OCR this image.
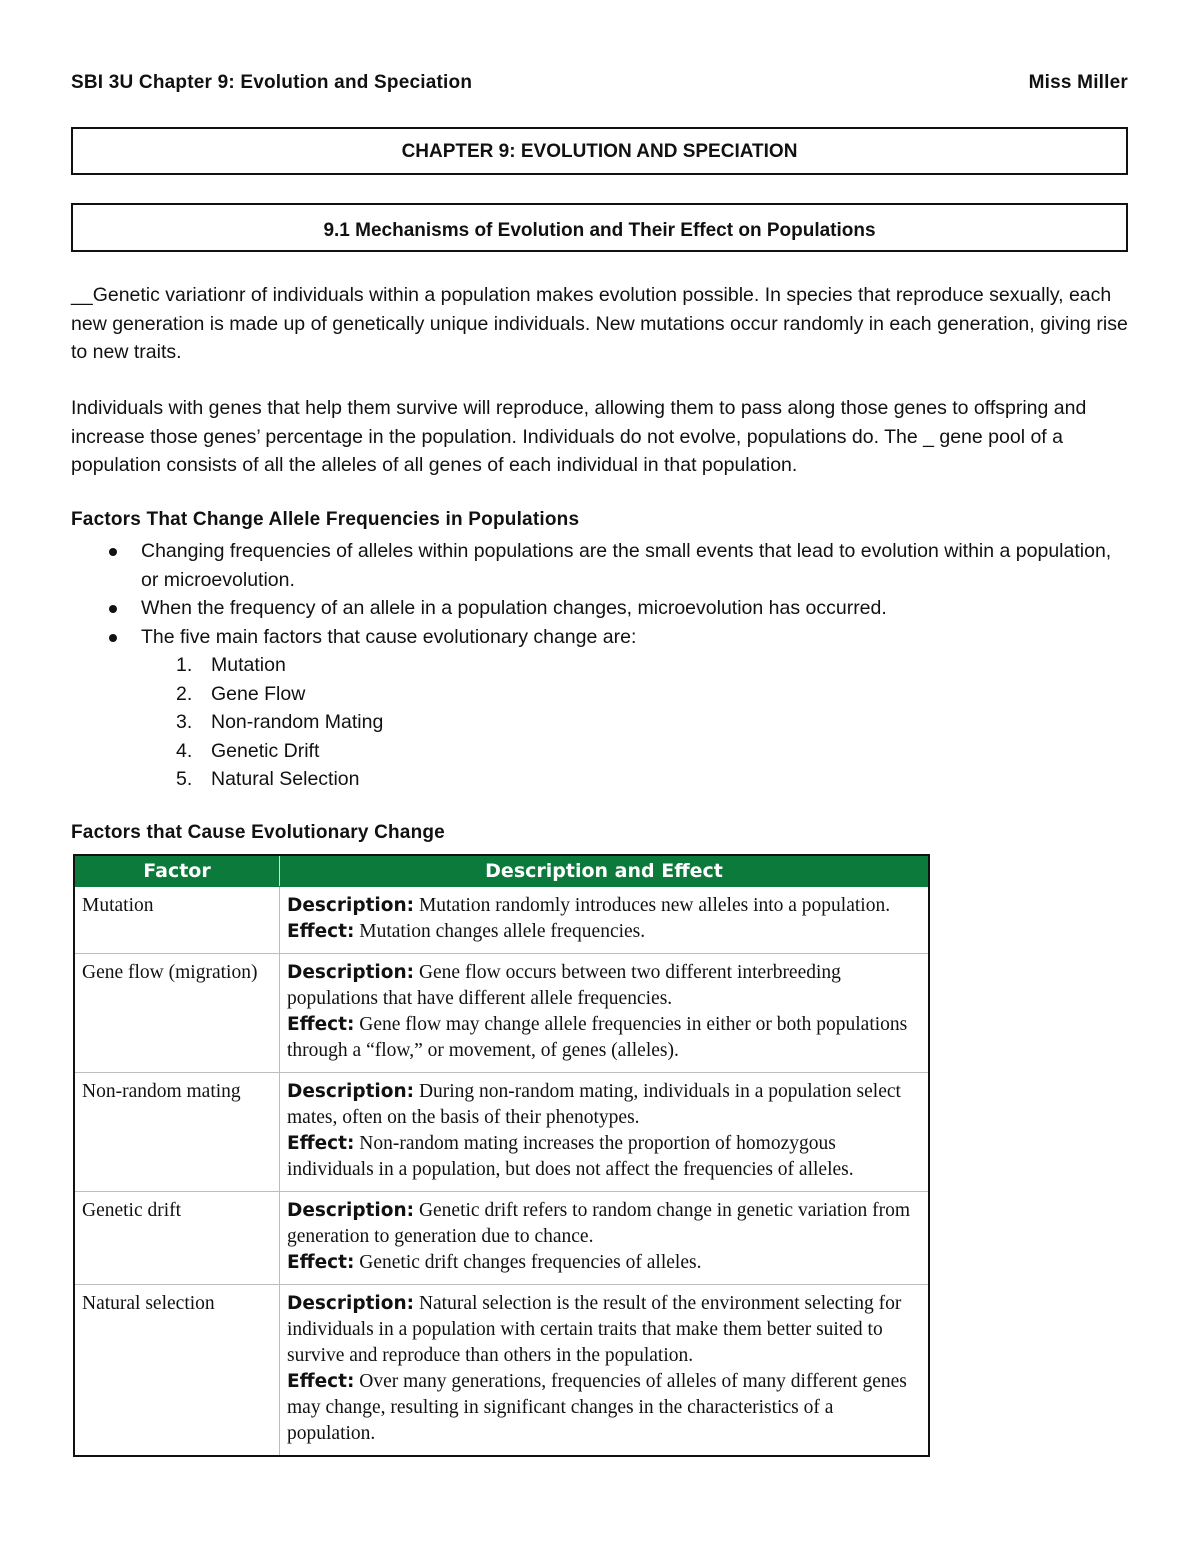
SBI 3U Chapter 9: Evolution and Speciation	Miss Miller
CHAPTER 9: EVOLUTION AND SPECIATION
9.1 Mechanisms of Evolution and Their Effect on Populations

__Genetic variationr of individuals within a population makes evolution possible. In species that reproduce sexually, each new generation is made up of genetically unique individuals. New mutations occur randomly in each generation, giving rise to new traits.

Individuals with genes that help them survive will reproduce, allowing them to pass along those genes to offspring and increase those genes’ percentage in the population. Individuals do not evolve, populations do. The _ gene pool of a population consists of all the alleles of all genes of each individual in that population.

Factors That Change Allele Frequencies in Populations
Changing frequencies of alleles within populations are the small events that lead to evolution within a population, or microevolution.
When the frequency of an allele in a population changes, microevolution has occurred.
The five main factors that cause evolutionary change are:
1. Mutation
2. Gene Flow
3. Non-random Mating
4. Genetic Drift
5. Natural Selection
Factors that Cause Evolutionary Change
Factor	Description and Effect
Mutation	Description: Mutation randomly introduces new alleles into a population.
Effect: Mutation changes allele frequencies.
Gene flow (migration)	Description: Gene flow occurs between two different interbreeding populations that have different allele frequencies.
Effect: Gene flow may change allele frequencies in either or both populations through a “flow,” or movement, of genes (alleles).
Non-random mating	Description: During non-random mating, individuals in a population select mates, often on the basis of their phenotypes.
Effect: Non-random mating increases the proportion of homozygous individuals in a population, but does not affect the frequencies of alleles.
Genetic drift	Description: Genetic drift refers to random change in genetic variation from generation to generation due to chance.
Effect: Genetic drift changes frequencies of alleles.
Natural selection	Description: Natural selection is the result of the environment selecting for individuals in a population with certain traits that make them better suited to survive and reproduce than others in the population.
Effect: Over many generations, frequencies of alleles of many different genes may change, resulting in significant changes in the characteristics of a population.
